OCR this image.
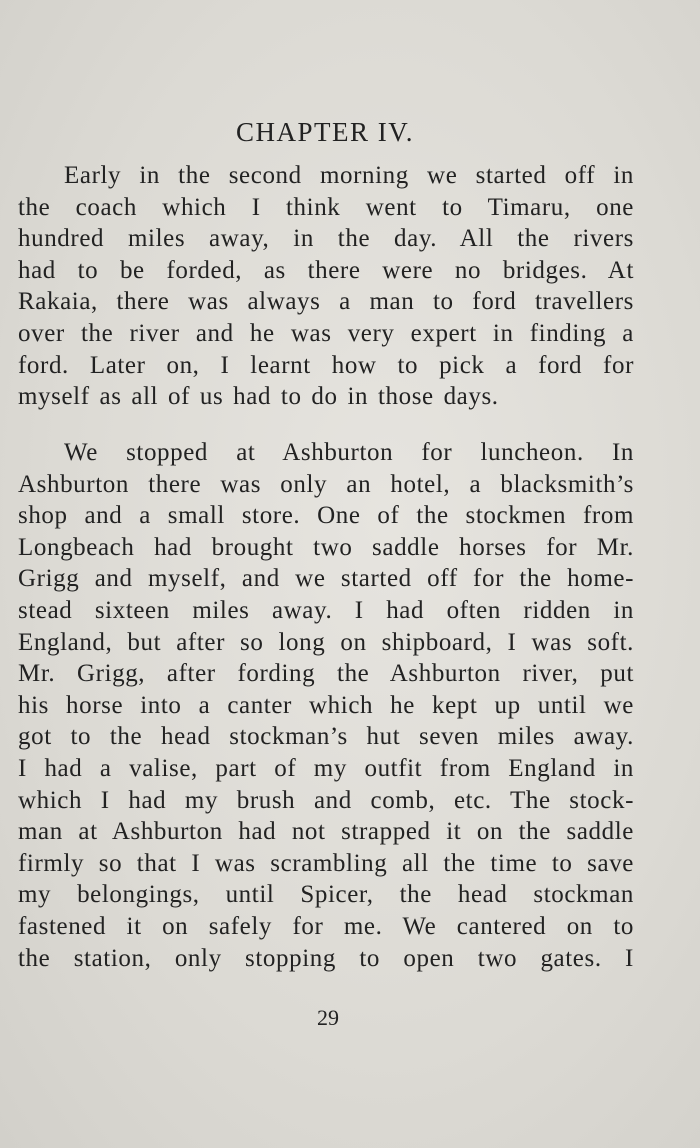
CHAPTER IV.

Early in the second morning we started off in
the coach which I think went to Timaru, one
hundred miles away, in the day. All the rivers
had to be forded, as there were no bridges. At
Rakaia, there was always a man to ford travellers
over the river and he was very expert in finding a
ford. Later on, I learnt how to pick a ford for
myself as all of us had to do in those days.

We stopped at Ashburton for luncheon. In
Ashburton there was only an hotel, a blacksmith’s
shop and a small store. One of the stockmen from
Longbeach had brought two saddle horses for Mr.
Grigg and myself, and we started off for the home-
stead sixteen miles away. I had often ridden in
England, but after so long on shipboard, I was soft.
Mr. Grigg, after fording the Ashburton river, put
his horse into a canter which he kept up until we
got to the head stockman’s hut seven miles away.
I had a valise, part of my outfit from England in
which I had my brush and comb, etc. The stock-
man at Ashburton had not strapped it on the saddle
firmly so that I was scrambling all the time to save
my belongings, until Spicer, the head stockman
fastened it on safely for me. We cantered on to
the station, only stopping to open two gates. I

29
